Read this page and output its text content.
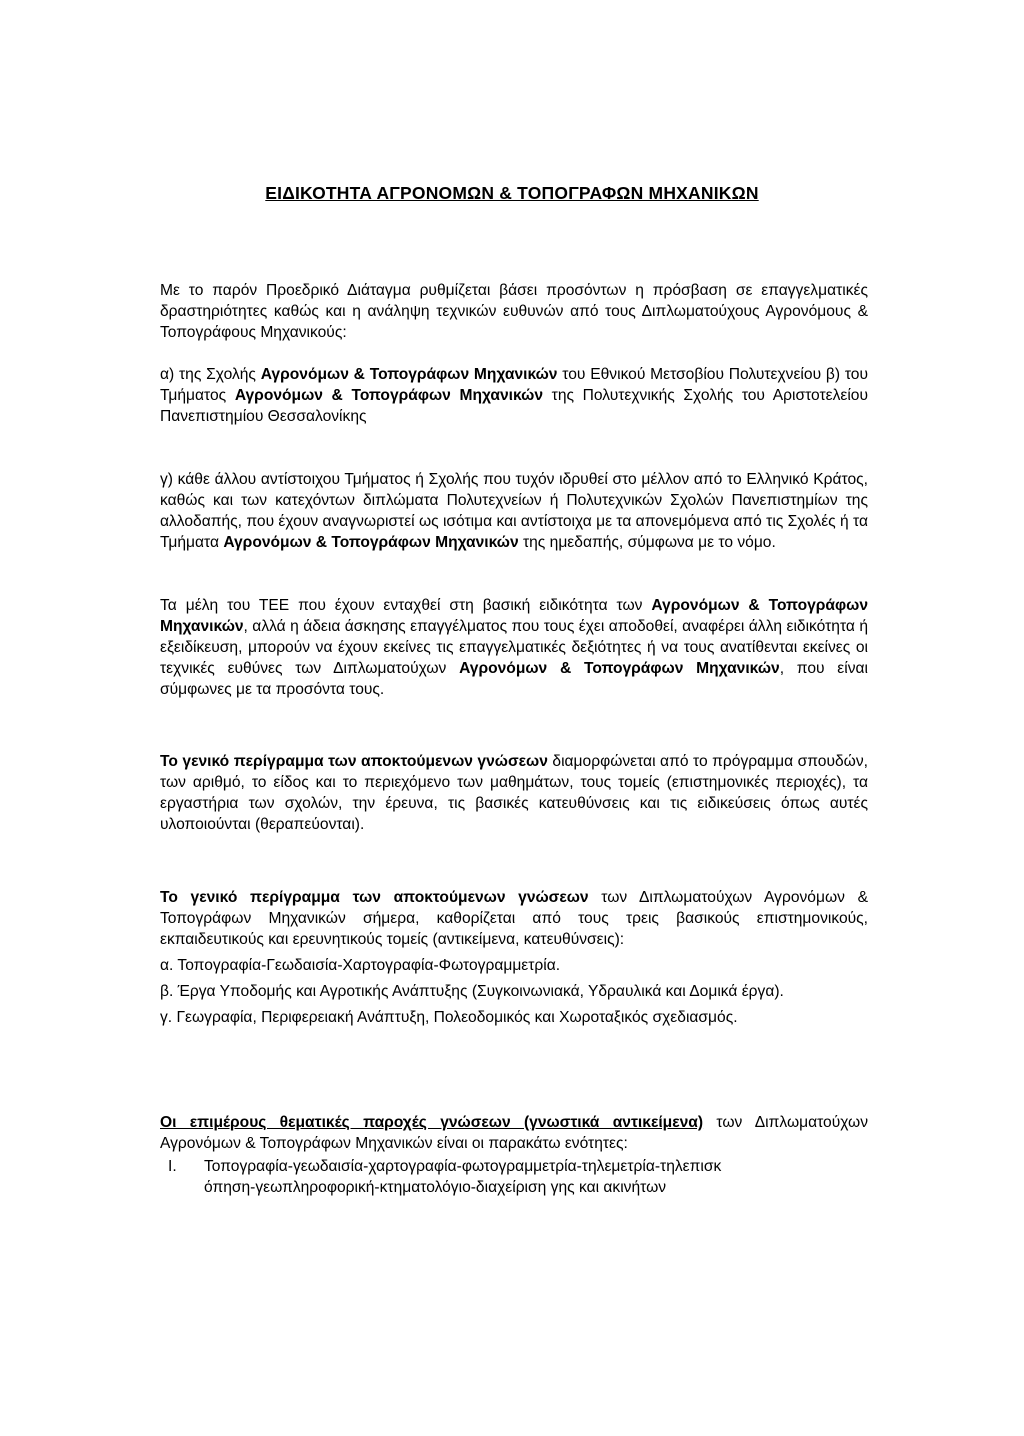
ΕΙΔΙΚΟΤΗΤΑ ΑΓΡΟΝΟΜΩΝ & ΤΟΠΟΓΡΑΦΩΝ ΜΗΧΑΝΙΚΩΝ
Με το παρόν Προεδρικό Διάταγμα ρυθμίζεται βάσει προσόντων η πρόσβαση σε επαγγελματικές δραστηριότητες καθώς και η ανάληψη τεχνικών ευθυνών από τους Διπλωματούχους Αγρονόμους & Τοπογράφους Μηχανικούς:
α) της Σχολής Αγρονόμων & Τοπογράφων Μηχανικών του Εθνικού Μετσοβίου Πολυτεχνείου β) του Τμήματος Αγρονόμων & Τοπογράφων Μηχανικών της Πολυτεχνικής Σχολής του Αριστοτελείου Πανεπιστημίου Θεσσαλονίκης
γ) κάθε άλλου αντίστοιχου Τμήματος ή Σχολής που τυχόν ιδρυθεί στο μέλλον από το Ελληνικό Κράτος, καθώς και των κατεχόντων διπλώματα Πολυτεχνείων ή Πολυτεχνικών Σχολών Πανεπιστημίων της αλλοδαπής, που έχουν αναγνωριστεί ως ισότιμα και αντίστοιχα με τα απονεμόμενα από τις Σχολές ή τα Τμήματα Αγρονόμων & Τοπογράφων Μηχανικών της ημεδαπής, σύμφωνα με το νόμο.
Τα μέλη του ΤΕΕ που έχουν ενταχθεί στη βασική ειδικότητα των Αγρονόμων & Τοπογράφων Μηχανικών, αλλά η άδεια άσκησης επαγγέλματος που τους έχει αποδοθεί, αναφέρει άλλη ειδικότητα ή εξειδίκευση, μπορούν να έχουν εκείνες τις επαγγελματικές δεξιότητες ή να τους ανατίθενται εκείνες οι τεχνικές ευθύνες των Διπλωματούχων Αγρονόμων & Τοπογράφων Μηχανικών, που είναι σύμφωνες με τα προσόντα τους.
Το γενικό περίγραμμα των αποκτούμενων γνώσεων διαμορφώνεται από το πρόγραμμα σπουδών, των αριθμό, το είδος και το περιεχόμενο των μαθημάτων, τους τομείς (επιστημονικές περιοχές), τα εργαστήρια των σχολών, την έρευνα, τις βασικές κατευθύνσεις και τις ειδικεύσεις όπως αυτές υλοποιούνται (θεραπεύονται).
Το γενικό περίγραμμα των αποκτούμενων γνώσεων των Διπλωματούχων Αγρονόμων & Τοπογράφων Μηχανικών σήμερα, καθορίζεται από τους τρεις βασικούς επιστημονικούς, εκπαιδευτικούς και ερευνητικούς τομείς (αντικείμενα, κατευθύνσεις):
α. Τοπογραφία-Γεωδαισία-Χαρτογραφία-Φωτογραμμετρία.
β. Έργα Υποδομής και Αγροτικής Ανάπτυξης (Συγκοινωνιακά, Υδραυλικά και Δομικά έργα).
γ. Γεωγραφία, Περιφερειακή Ανάπτυξη, Πολεοδομικός και Χωροταξικός σχεδιασμός.
Οι επιμέρους θεματικές παροχές γνώσεων (γνωστικά αντικείμενα) των Διπλωματούχων Αγρονόμων & Τοπογράφων Μηχανικών είναι οι παρακάτω ενότητες:
I. Τοπογραφία-γεωδαισία-χαρτογραφία-φωτογραμμετρία-τηλεμετρία-τηλεπισκ
όπηση-γεωπληροφορική-κτηματολόγιο-διαχείριση γης και ακινήτων
